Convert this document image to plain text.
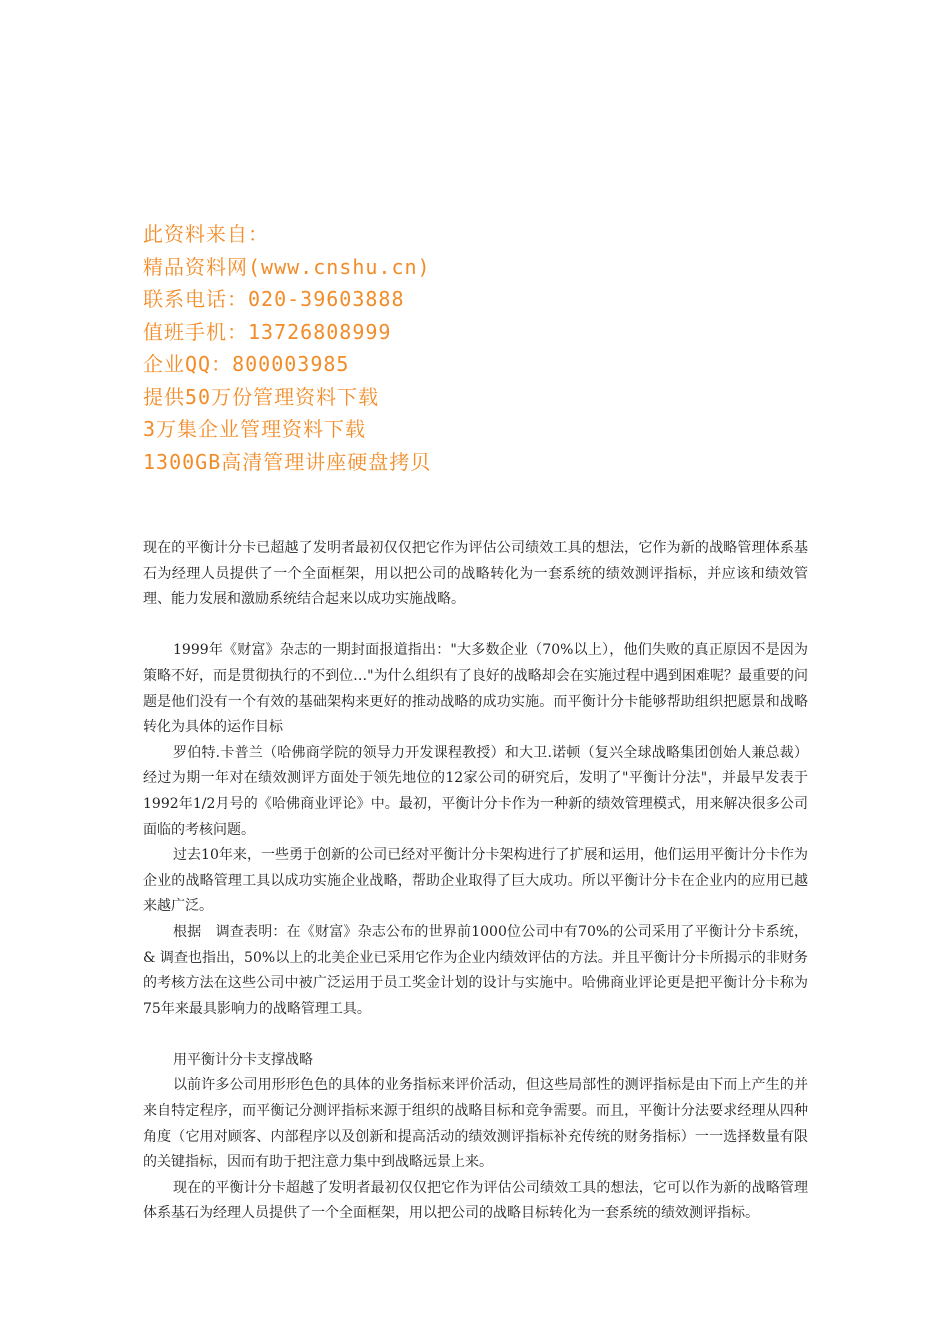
此资料来自：
精品资料网(www.cnshu.cn)
联系电话：020-39603888
值班手机：13726808999
企业QQ：800003985
提供50万份管理资料下载
3万集企业管理资料下载
1300GB高清管理讲座硬盘拷贝

现在的平衡计分卡已超越了发明者最初仅仅把它作为评估公司绩效工具的想法，它作为新的战略管理体系基石为经理人员提供了一个全面框架，用以把公司的战略转化为一套系统的绩效测评指标，并应该和绩效管理、能力发展和激励系统结合起来以成功实施战略。

1999年《财富》杂志的一期封面报道指出："大多数企业（70%以上），他们失败的真正原因不是因为策略不好，而是贯彻执行的不到位…"为什么组织有了良好的战略却会在实施过程中遇到困难呢？最重要的问题是他们没有一个有效的基础架构来更好的推动战略的成功实施。而平衡计分卡能够帮助组织把愿景和战略转化为具体的运作目标

罗伯特.卡普兰（哈佛商学院的领导力开发课程教授）和大卫.诺顿（复兴全球战略集团创始人兼总裁）经过为期一年对在绩效测评方面处于领先地位的12家公司的研究后，发明了"平衡计分法"，并最早发表于1992年1/2月号的《哈佛商业评论》中。最初，平衡计分卡作为一种新的绩效管理模式，用来解决很多公司面临的考核问题。

过去10年来，一些勇于创新的公司已经对平衡计分卡架构进行了扩展和运用，他们运用平衡计分卡作为企业的战略管理工具以成功实施企业战略，帮助企业取得了巨大成功。所以平衡计分卡在企业内的应用已越来越广泛。

根据　调查表明：在《财富》杂志公布的世界前1000位公司中有70%的公司采用了平衡计分卡系统，& 调查也指出，50%以上的北美企业已采用它作为企业内绩效评估的方法。并且平衡计分卡所揭示的非财务的考核方法在这些公司中被广泛运用于员工奖金计划的设计与实施中。哈佛商业评论更是把平衡计分卡称为75年来最具影响力的战略管理工具。

用平衡计分卡支撑战略

以前许多公司用形形色色的具体的业务指标来评价活动，但这些局部性的测评指标是由下而上产生的并来自特定程序，而平衡记分测评指标来源于组织的战略目标和竞争需要。而且，平衡计分法要求经理从四种角度（它用对顾客、内部程序以及创新和提高活动的绩效测评指标补充传统的财务指标）一一选择数量有限的关键指标，因而有助于把注意力集中到战略远景上来。

现在的平衡计分卡超越了发明者最初仅仅把它作为评估公司绩效工具的想法，它可以作为新的战略管理体系基石为经理人员提供了一个全面框架，用以把公司的战略目标转化为一套系统的绩效测评指标。
